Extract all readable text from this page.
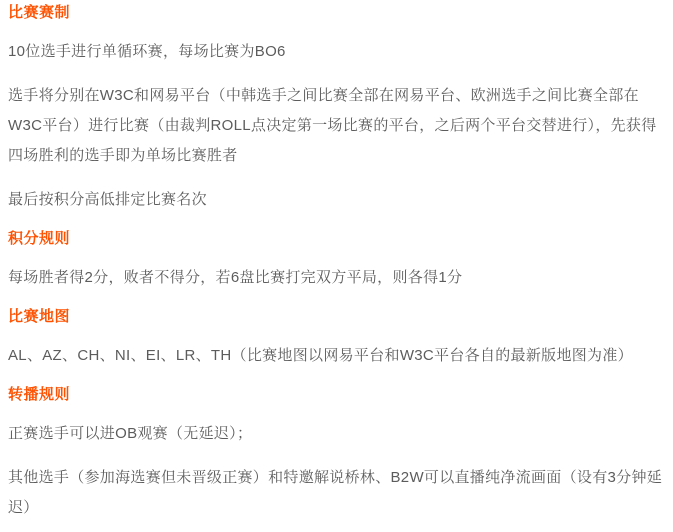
比赛赛制

10位选手进行单循环赛，每场比赛为BO6

选手将分别在W3C和网易平台（中韩选手之间比赛全部在网易平台、欧洲选手之间比赛全部在W3C平台）进行比赛（由裁判ROLL点决定第一场比赛的平台，之后两个平台交替进行），先获得四场胜利的选手即为单场比赛胜者

最后按积分高低排定比赛名次

积分规则

每场胜者得2分，败者不得分，若6盘比赛打完双方平局，则各得1分

比赛地图

AL、AZ、CH、NI、EI、LR、TH（比赛地图以网易平台和W3C平台各自的最新版地图为准）

转播规则

正赛选手可以进OB观赛（无延迟）；

其他选手（参加海选赛但未晋级正赛）和特邀解说桥林、B2W可以直播纯净流画面（设有3分钟延迟）
